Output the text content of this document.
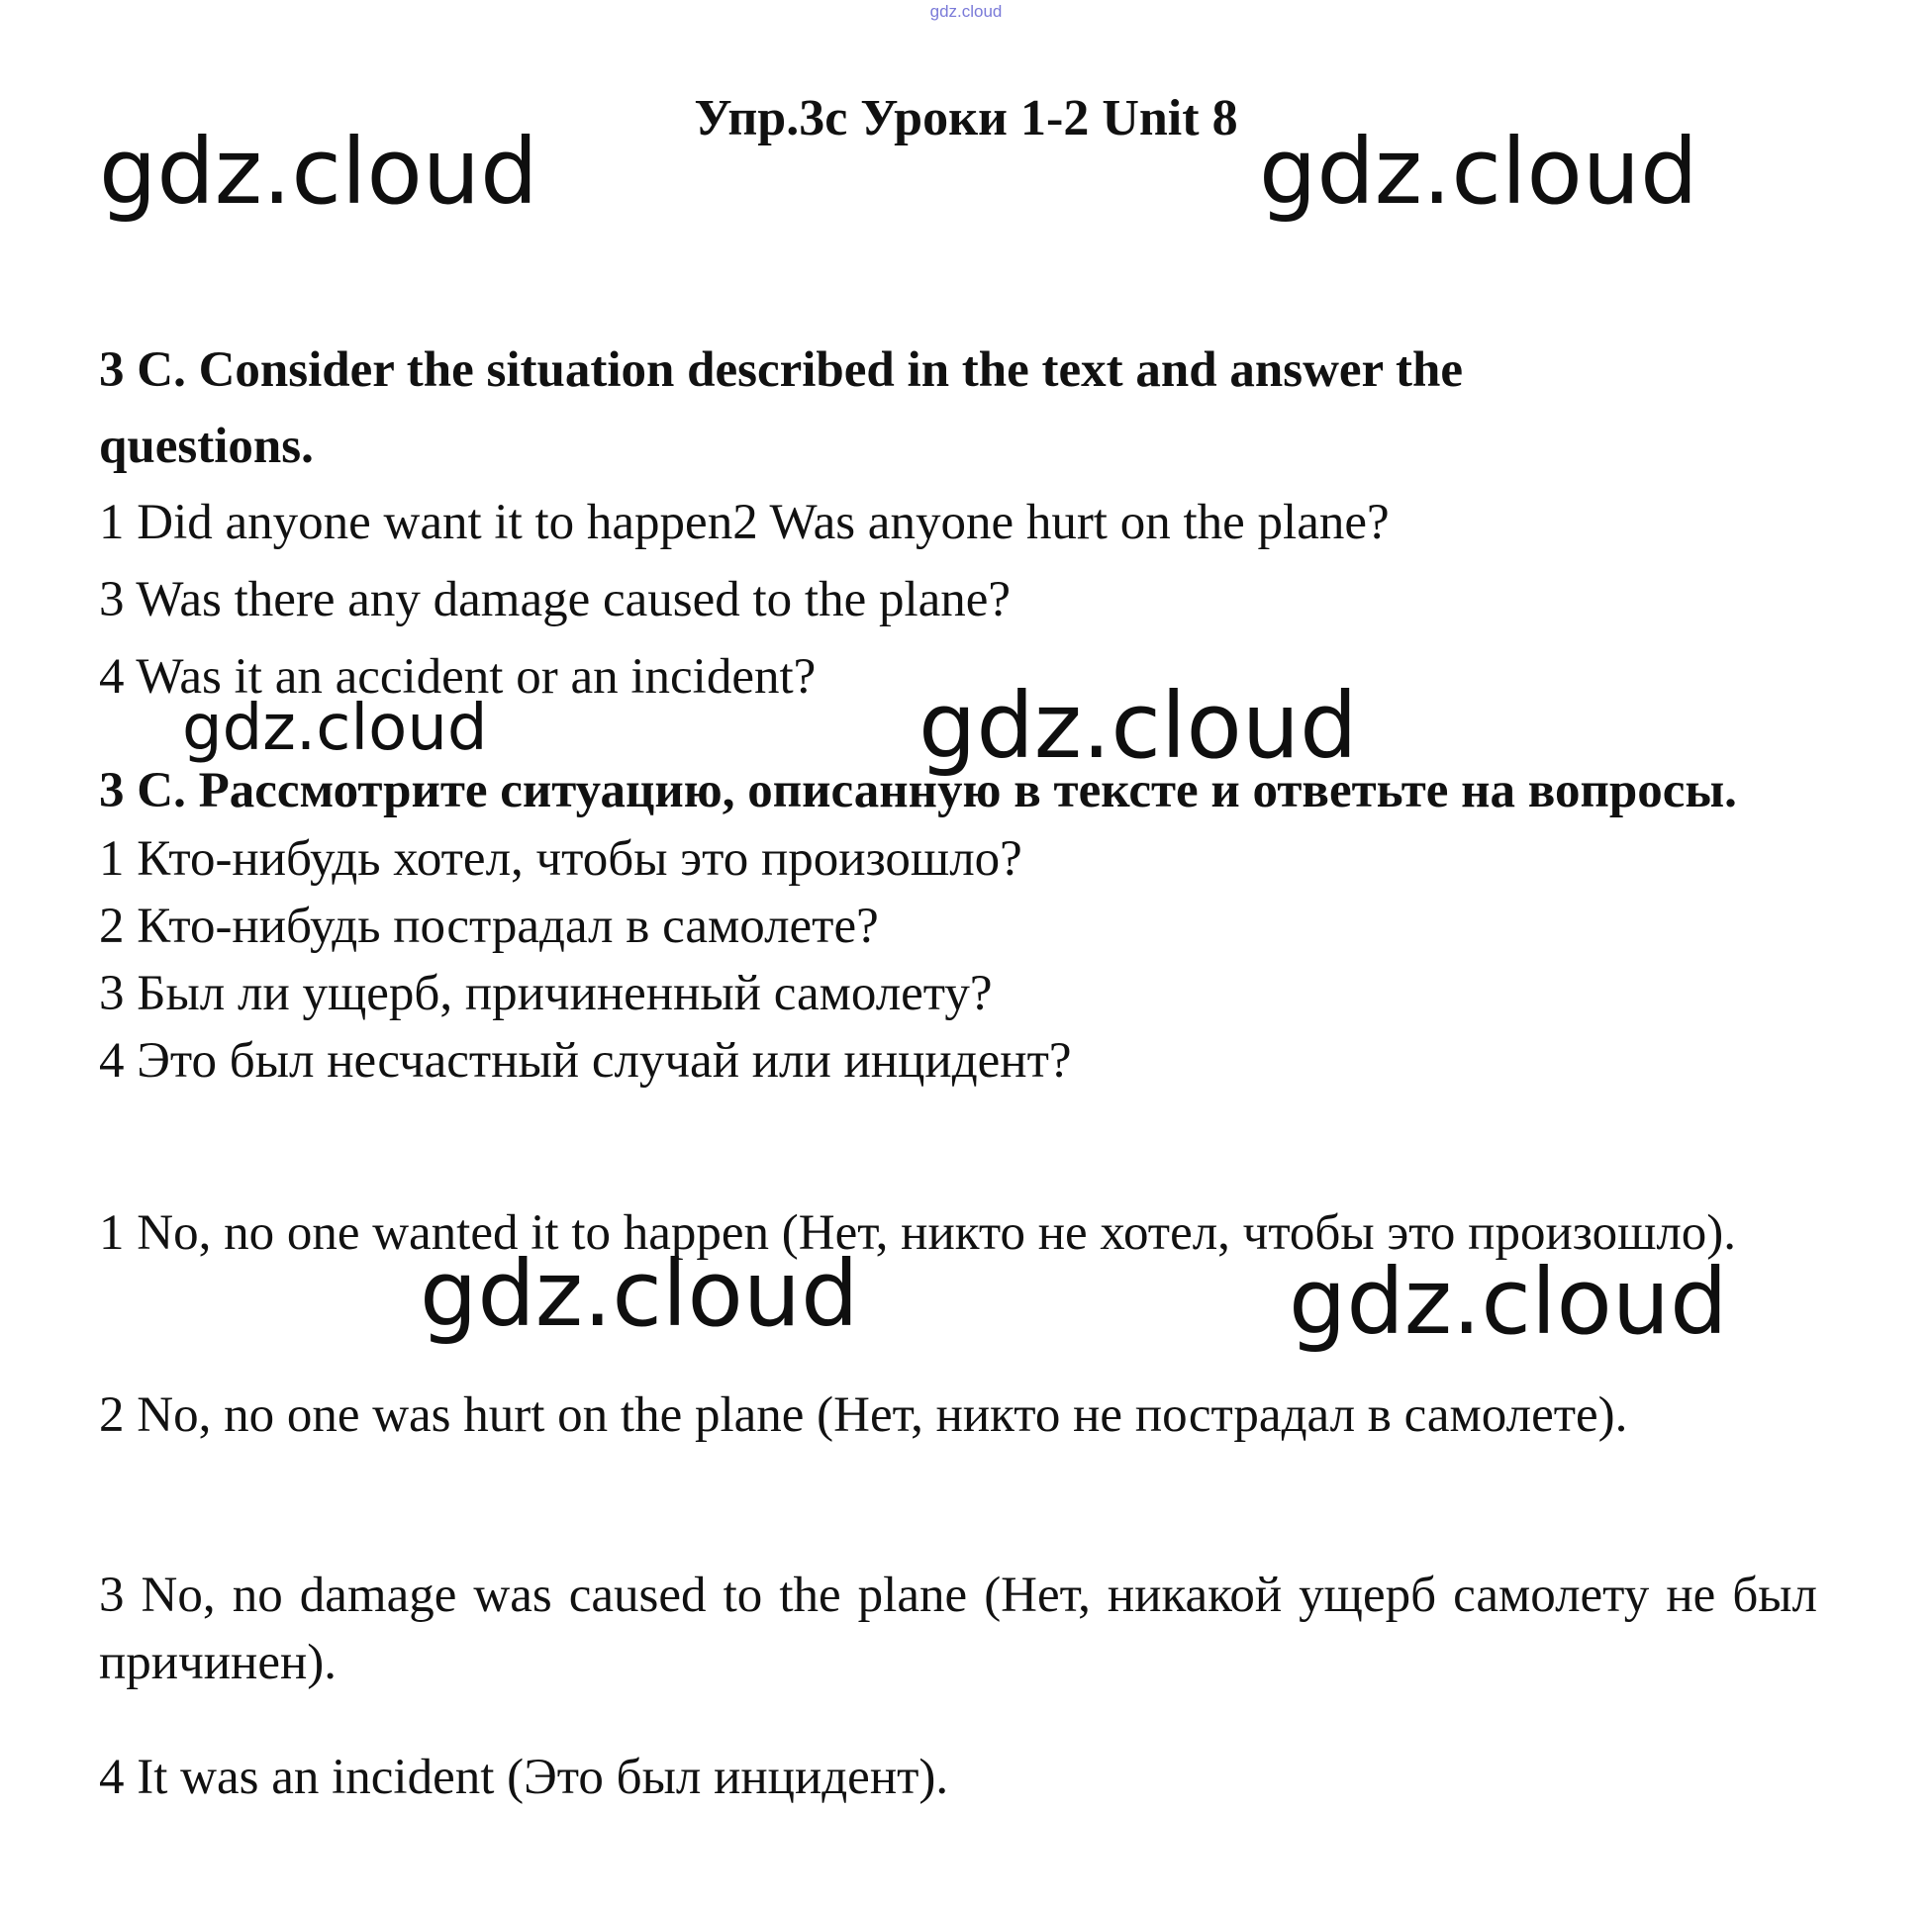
gdz.cloud
Упр.3c Уроки 1-2 Unit 8
gdz.cloud	gdz.cloud
3 C. Consider the situation described in the text and answer the
questions.
1 Did anyone want it to happen2 Was anyone hurt on the plane?
3 Was there any damage caused to the plane?
4 Was it an accident or an incident?
gdz.cloud	gdz.cloud
3 C. Рассмотрите ситуацию, описанную в тексте и ответьте на вопросы.
1 Кто-нибудь хотел, чтобы это произошло?
2 Кто-нибудь пострадал в самолете?
3 Был ли ущерб, причиненный самолету?
4 Это был несчастный случай или инцидент?
1 No, no one wanted it to happen (Нет, никто не хотел, чтобы это произошло).
gdz.cloud	gdz.cloud
2 No, no one was hurt on the plane (Нет, никто не пострадал в самолете).
3 No, no damage was caused to the plane (Нет, никакой ущерб самолету не был причинен).
4 It was an incident (Это был инцидент).
